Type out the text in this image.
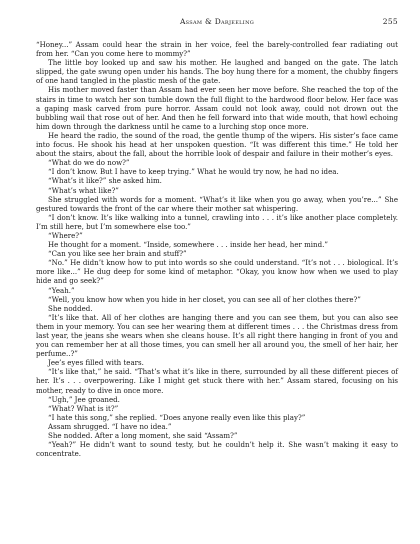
Assam & Darjeeling	255

“Honey...” Assam could hear the strain in her voice, feel the barely-controlled fear radiating out from her. “Can you come here to mommy?”

The little boy looked up and saw his mother. He laughed and banged on the gate. The latch slipped, the gate swung open under his hands. The boy hung there for a moment, the chubby fingers of one hand tangled in the plastic mesh of the gate.

His mother moved faster than Assam had ever seen her move before. She reached the top of the stairs in time to watch her son tumble down the full flight to the hardwood floor below. Her face was a gaping mask carved from pure horror. Assam could not look away, could not drown out the bubbling wail that rose out of her. And then he fell forward into that wide mouth, that howl echoing him down through the darkness until he came to a lurching stop once more.

He heard the radio, the sound of the road, the gentle thump of the wipers. His sister’s face came into focus. He shook his head at her unspoken question. “It was different this time.” He told her about the stairs, about the fall, about the horrible look of despair and failure in their mother’s eyes.

“What do we do now?”

“I don’t know. But I have to keep trying.” What he would try now, he had no idea.

“What’s it like?” she asked him.

“What’s what like?”

She struggled with words for a moment. “What’s it like when you go away, when you’re...” She gestured towards the front of the car where their mother sat whispering.

“I don’t know. It’s like walking into a tunnel, crawling into . . . it’s like another place completely. I’m still here, but I’m somewhere else too.”

“Where?”

He thought for a moment. “Inside, somewhere . . . inside her head, her mind.”

“Can you like see her brain and stuff?”

“No.” He didn’t know how to put into words so she could understand. “It’s not . . . biological. It’s more like...” He dug deep for some kind of metaphor. “Okay, you know how when we used to play hide and go seek?”

“Yeah.”

“Well, you know how when you hide in her closet, you can see all of her clothes there?”

She nodded.

“It’s like that. All of her clothes are hanging there and you can see them, but you can also see them in your memory. You can see her wearing them at different times . . . the Christmas dress from last year, the jeans she wears when she cleans house. It’s all right there hanging in front of you and you can remember her at all those times, you can smell her all around you, the smell of her hair, her perfume..?”

Jee’s eyes filled with tears.

“It’s like that,” he said. “That’s what it’s like in there, surrounded by all these different pieces of her. It’s . . . overpowering. Like I might get stuck there with her.” Assam stared, focusing on his mother, ready to dive in once more.

“Ugh,” Jee groaned.

“What? What is it?”

“I hate this song,” she replied. “Does anyone really even like this play?”

Assam shrugged. “I have no idea.”

She nodded. After a long moment, she said “Assam?”

“Yeah?” He didn’t want to sound testy, but he couldn’t help it. She wasn’t making it easy to concentrate.
